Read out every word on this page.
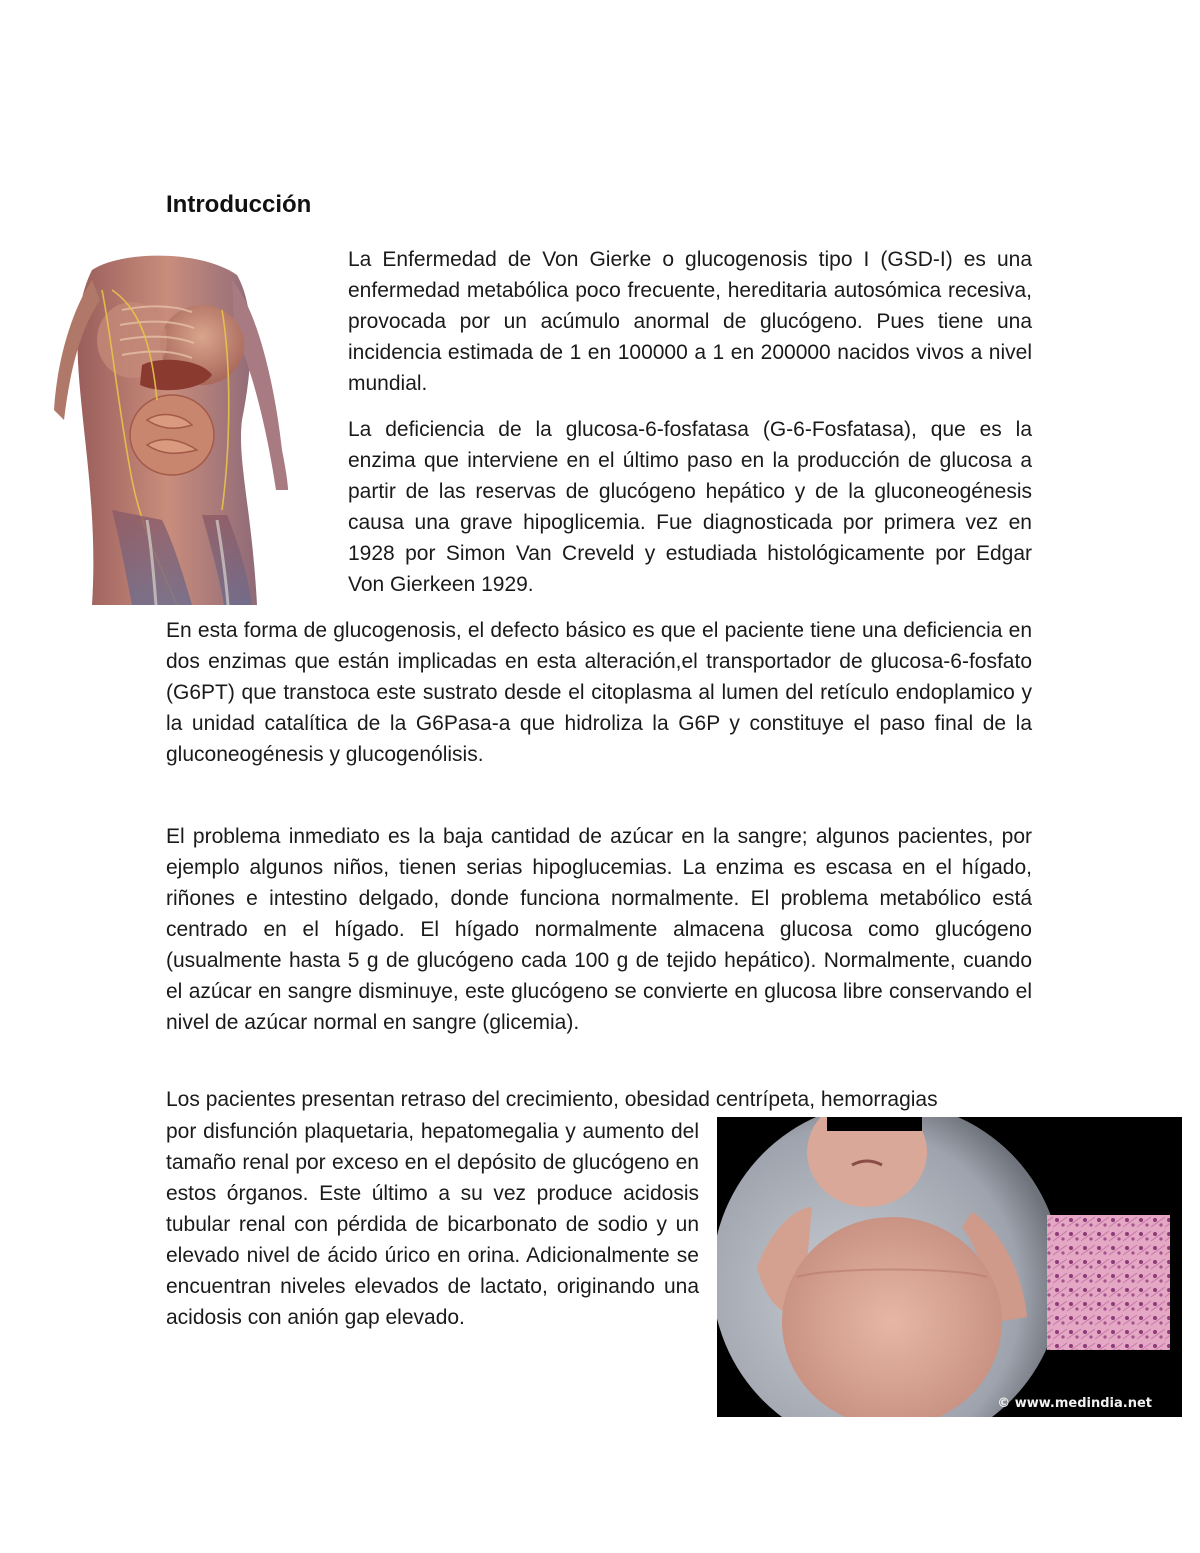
Introducción

La Enfermedad de Von Gierke o glucogenosis tipo I (GSD-I) es una enfermedad metabólica poco frecuente, hereditaria autosómica recesiva, provocada por un acúmulo anormal de glucógeno. Pues tiene una incidencia estimada de 1 en 100000 a 1 en 200000 nacidos vivos a nivel mundial.

La deficiencia de la glucosa-6-fosfatasa (G-6-Fosfatasa), que es la enzima que interviene en el último paso en la producción de glucosa a partir de las reservas de glucógeno hepático y de la gluconeogénesis causa una grave hipoglicemia. Fue diagnosticada por primera vez en 1928 por Simon Van Creveld y estudiada histológicamente por Edgar Von Gierkeen 1929.

En esta forma de glucogenosis, el defecto básico es que el paciente tiene una deficiencia en dos enzimas que están implicadas en esta alteración,el transportador de glucosa-6-fosfato (G6PT) que transtoca este sustrato desde el citoplasma al lumen del retículo endoplamico y la unidad catalítica de la G6Pasa-a que hidroliza la G6P y constituye el paso final de la gluconeogénesis y glucogenólisis.

El problema inmediato es la baja cantidad de azúcar en la sangre; algunos pacientes, por ejemplo algunos niños, tienen serias hipoglucemias. La enzima es escasa en el hígado, riñones e intestino delgado, donde funciona normalmente. El problema metabólico está centrado en el hígado. El hígado normalmente almacena glucosa como glucógeno (usualmente hasta 5 g de glucógeno cada 100 g de tejido hepático). Normalmente, cuando el azúcar en sangre disminuye, este glucógeno se convierte en glucosa libre conservando el nivel de azúcar normal en sangre (glicemia).

Los pacientes presentan retraso del crecimiento, obesidad centrípeta, hemorragias

por disfunción plaquetaria, hepatomegalia y aumento del tamaño renal por exceso en el depósito de glucógeno en estos órganos. Este último a su vez produce acidosis tubular renal con pérdida de bicarbonato de sodio y un elevado nivel de ácido úrico en orina. Adicionalmente se encuentran niveles elevados de lactato, originando una acidosis con anión gap elevado.

© www.medindia.net
